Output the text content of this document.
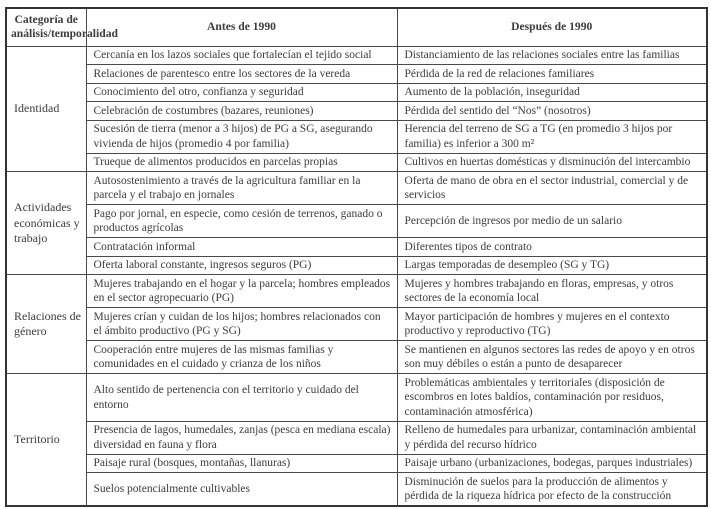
Categoría de análisis/temporalidad	Antes de 1990	Después de 1990
Identidad	Cercanía en los lazos sociales que fortalecían el tejido social	Distanciamiento de las relaciones sociales entre las familias
	Relaciones de parentesco entre los sectores de la vereda	Pérdida de la red de relaciones familiares
	Conocimiento del otro, confianza y seguridad	Aumento de la población, inseguridad
	Celebración de costumbres (bazares, reuniones)	Pérdida del sentido del “Nos” (nosotros)
	Sucesión de tierra (menor a 3 hijos) de PG a SG, asegurando vivienda de hijos (promedio 4 por familia)	Herencia del terreno de SG a TG (en promedio 3 hijos por familia) es inferior a 300 m²
	Trueque de alimentos producidos en parcelas propias	Cultivos en huertas domésticas y disminución del intercambio
Actividades económicas y trabajo	Autosostenimiento a través de la agricultura familiar en la parcela y el trabajo en jornales	Oferta de mano de obra en el sector industrial, comercial y de servicios
	Pago por jornal, en especie, como cesión de terrenos, ganado o productos agrícolas	Percepción de ingresos por medio de un salario
	Contratación informal	Diferentes tipos de contrato
	Oferta laboral constante, ingresos seguros (PG)	Largas temporadas de desempleo (SG y TG)
Relaciones de género	Mujeres trabajando en el hogar y la parcela; hombres empleados en el sector agropecuario (PG)	Mujeres y hombres trabajando en floras, empresas, y otros sectores de la economía local
	Mujeres crían y cuidan de los hijos; hombres relacionados con el ámbito productivo (PG y SG)	Mayor participación de hombres y mujeres en el contexto productivo y reproductivo (TG)
	Cooperación entre mujeres de las mismas familias y comunidades en el cuidado y crianza de los niños	Se mantienen en algunos sectores las redes de apoyo y en otros son muy débiles o están a punto de desaparecer
Territorio	Alto sentido de pertenencia con el territorio y cuidado del entorno	Problemáticas ambientales y territoriales (disposición de escombros en lotes baldíos, contaminación por residuos, contaminación atmosférica)
	Presencia de lagos, humedales, zanjas (pesca en mediana escala) diversidad en fauna y flora	Relleno de humedales para urbanizar, contaminación ambiental y pérdida del recurso hídrico
	Paisaje rural (bosques, montañas, llanuras)	Paisaje urbano (urbanizaciones, bodegas, parques industriales)
	Suelos potencialmente cultivables	Disminución de suelos para la producción de alimentos y pérdida de la riqueza hídrica por efecto de la construcción
